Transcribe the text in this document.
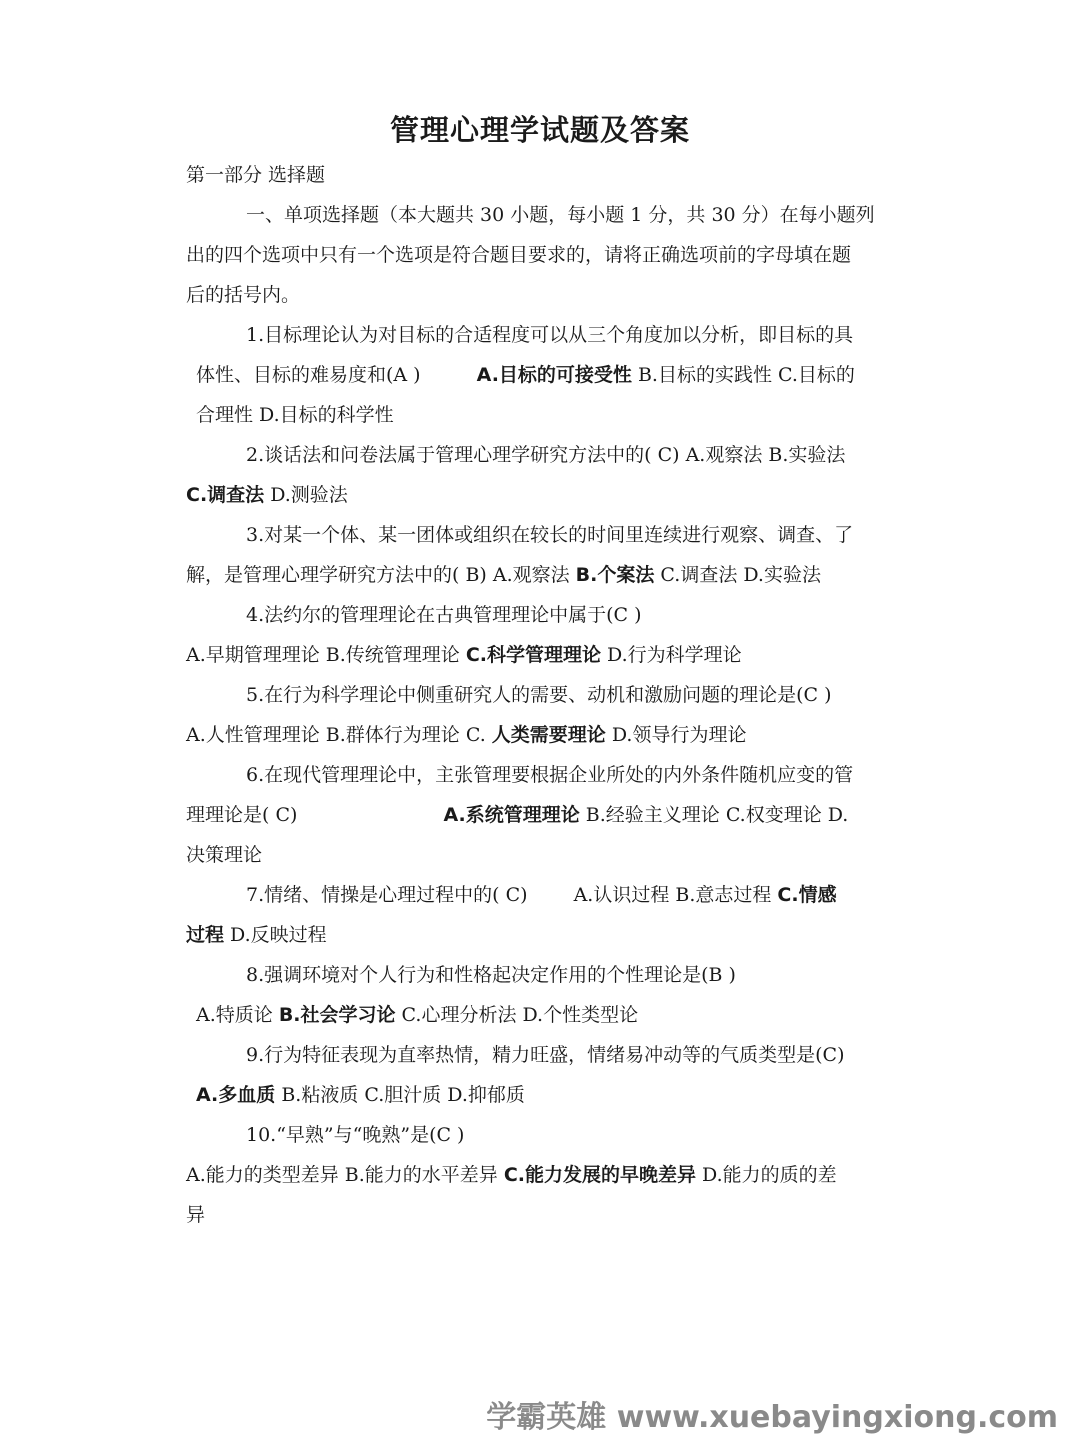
管理心理学试题及答案
第一部分 选择题
一、单项选择题（本大题共 30 小题，每小题 1 分，共 30 分）在每小题列
出的四个选项中只有一个选项是符合题目要求的，请将正确选项前的字母填在题
后的括号内。
1.目标理论认为对目标的合适程度可以从三个角度加以分析，即目标的具
体性、目标的难易度和(A )	A.目标的可接受性 B.目标的实践性 C.目标的
合理性 D.目标的科学性
2.谈话法和问卷法属于管理心理学研究方法中的( C) A.观察法 B.实验法
C.调查法 D.测验法
3.对某一个体、某一团体或组织在较长的时间里连续进行观察、调查、了
解，是管理心理学研究方法中的( B) A.观察法 B.个案法 C.调查法 D.实验法
4.法约尔的管理理论在古典管理理论中属于(C )
A.早期管理理论 B.传统管理理论 C.科学管理理论 D.行为科学理论
5.在行为科学理论中侧重研究人的需要、动机和激励问题的理论是(C )
A.人性管理理论 B.群体行为理论 C. 人类需要理论 D.领导行为理论
6.在现代管理理论中，主张管理要根据企业所处的内外条件随机应变的管
理理论是( C)	A.系统管理理论 B.经验主义理论 C.权变理论 D.
决策理论
7.情绪、情操是心理过程中的( C) A.认识过程 B.意志过程 C.情感
过程 D.反映过程
8.强调环境对个人行为和性格起决定作用的个性理论是(B )
A.特质论 B.社会学习论 C.心理分析法 D.个性类型论
9.行为特征表现为直率热情，精力旺盛，情绪易冲动等的气质类型是(C)
A.多血质 B.粘液质 C.胆汁质 D.抑郁质
10.“早熟”与“晚熟”是(C )
A.能力的类型差异 B.能力的水平差异 C.能力发展的早晚差异 D.能力的质的差
异
学霸英雄 www.xuebayingxiong.com
